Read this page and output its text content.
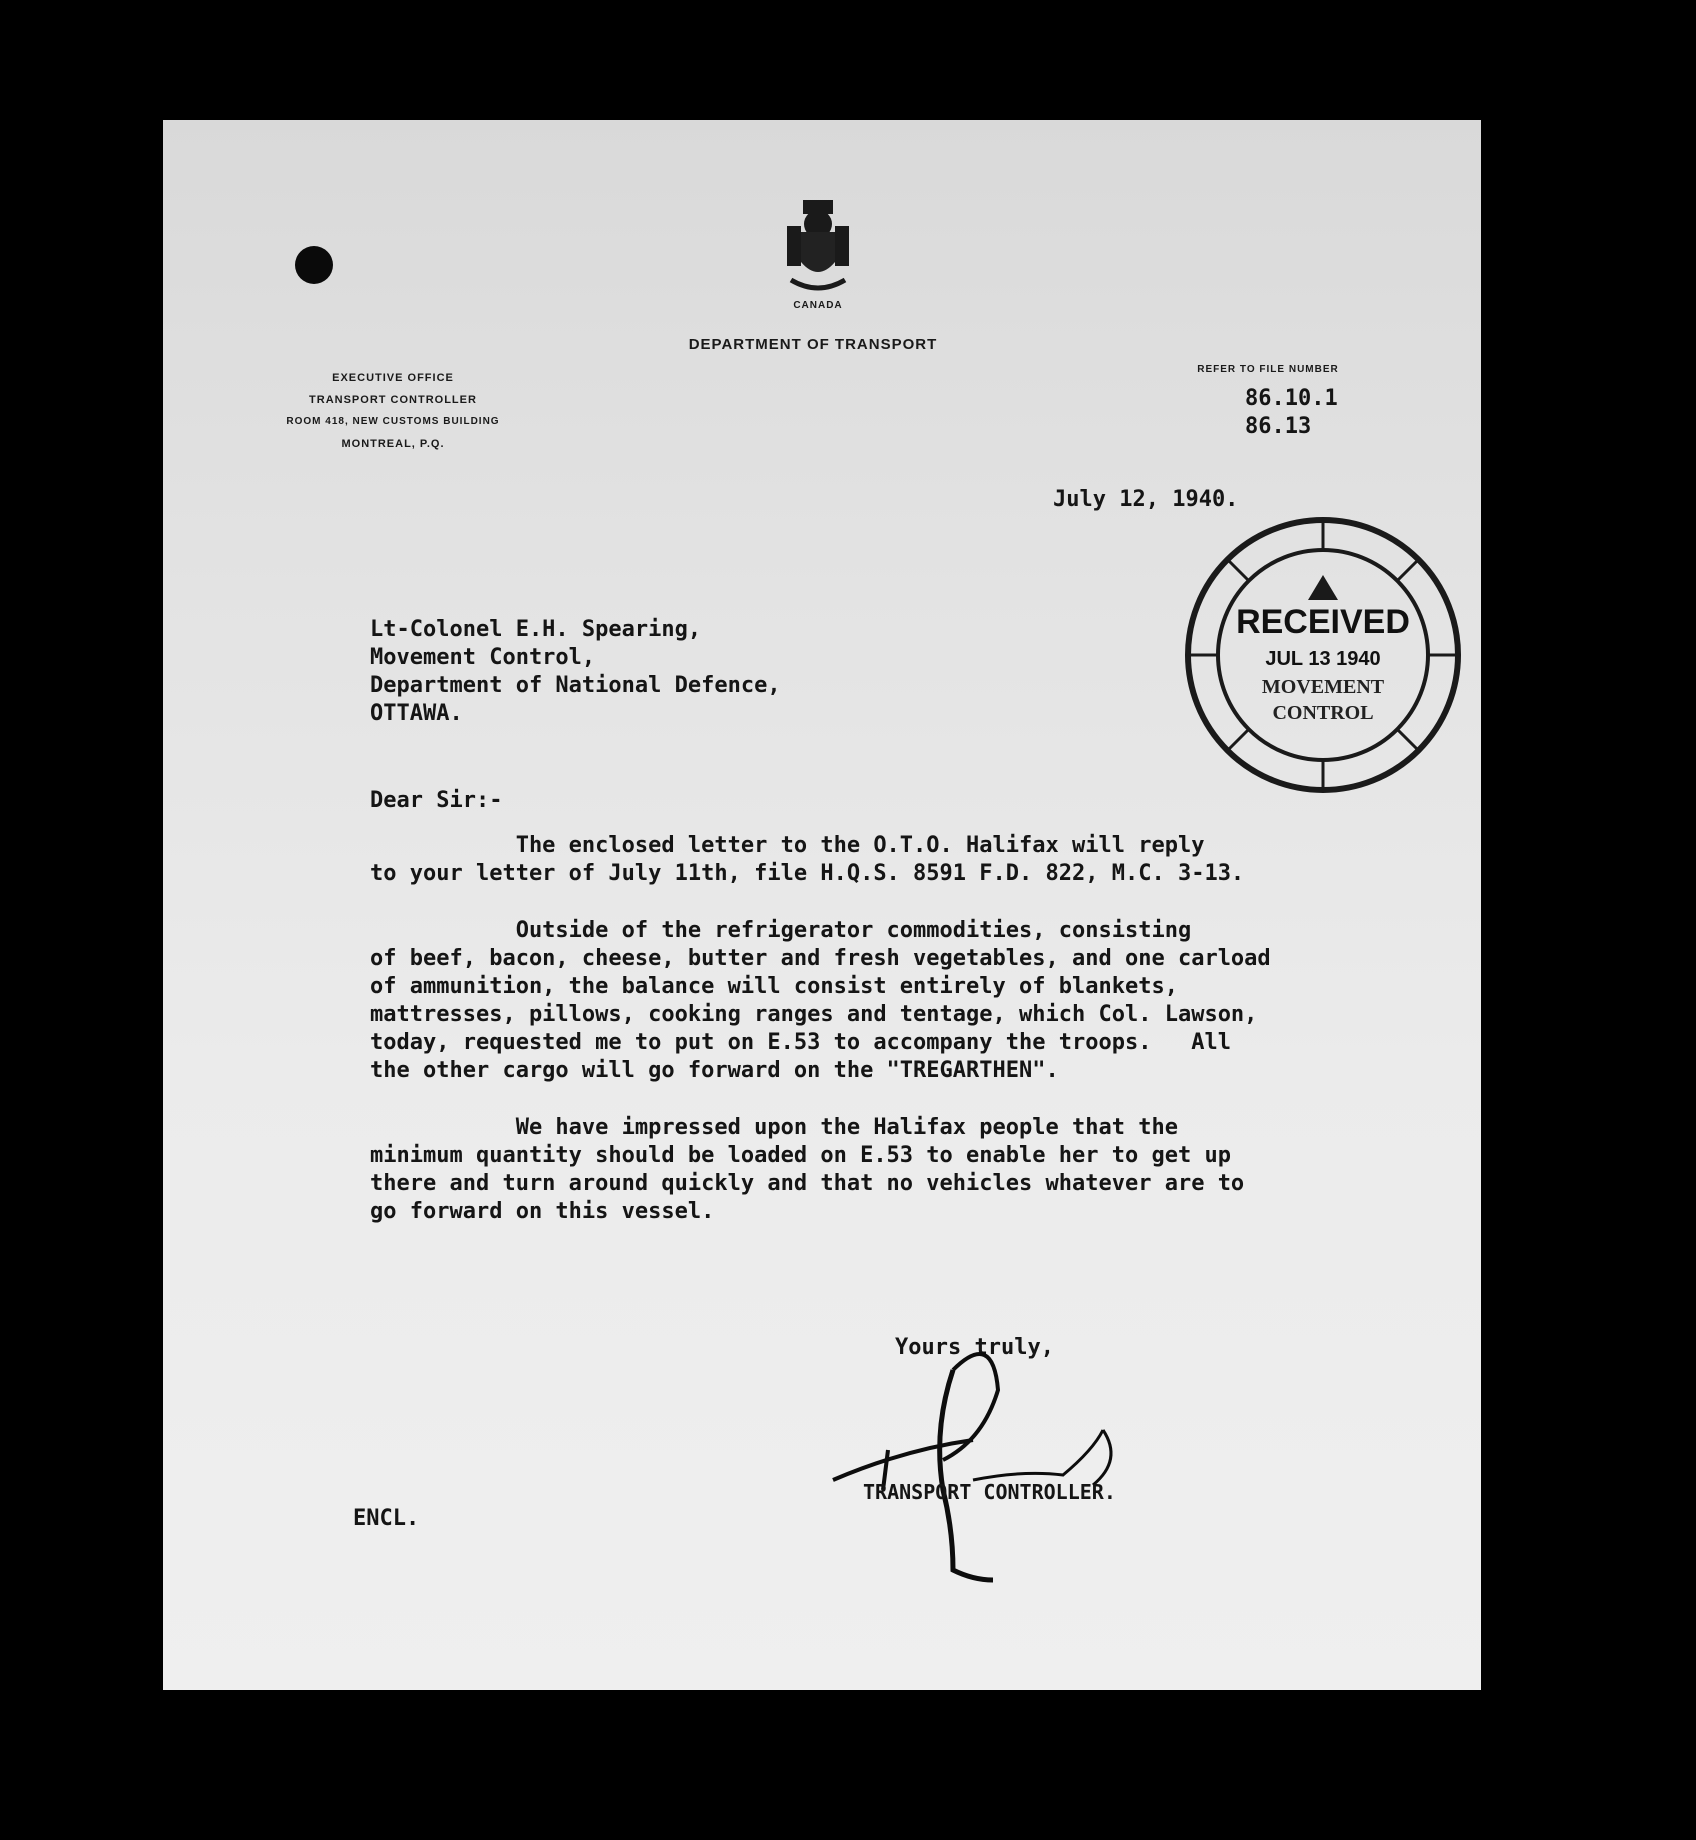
CANADA
DEPARTMENT OF TRANSPORT
EXECUTIVE OFFICE
TRANSPORT CONTROLLER
ROOM 418, NEW CUSTOMS BUILDING
MONTREAL, P.Q.
REFER TO FILE NUMBER
86.10.1
86.13
July 12, 1940.
RECEIVED
JUL 13 1940
MOVEMENT
CONTROL
Lt-Colonel E.H. Spearing,
Movement Control,
Department of National Defence,
OTTAWA.
Dear Sir:-
The enclosed letter to the O.T.O. Halifax will reply
to your letter of July 11th, file H.Q.S. 8591 F.D. 822, M.C. 3-13.
Outside of the refrigerator commodities, consisting
of beef, bacon, cheese, butter and fresh vegetables, and one carload
of ammunition, the balance will consist entirely of blankets,
mattresses, pillows, cooking ranges and tentage, which Col. Lawson,
today, requested me to put on E.53 to accompany the troops.   All
the other cargo will go forward on the "TREGARTHEN".
We have impressed upon the Halifax people that the
minimum quantity should be loaded on E.53 to enable her to get up
there and turn around quickly and that no vehicles whatever are to
go forward on this vessel.
Yours truly,
TRANSPORT CONTROLLER.
ENCL.
